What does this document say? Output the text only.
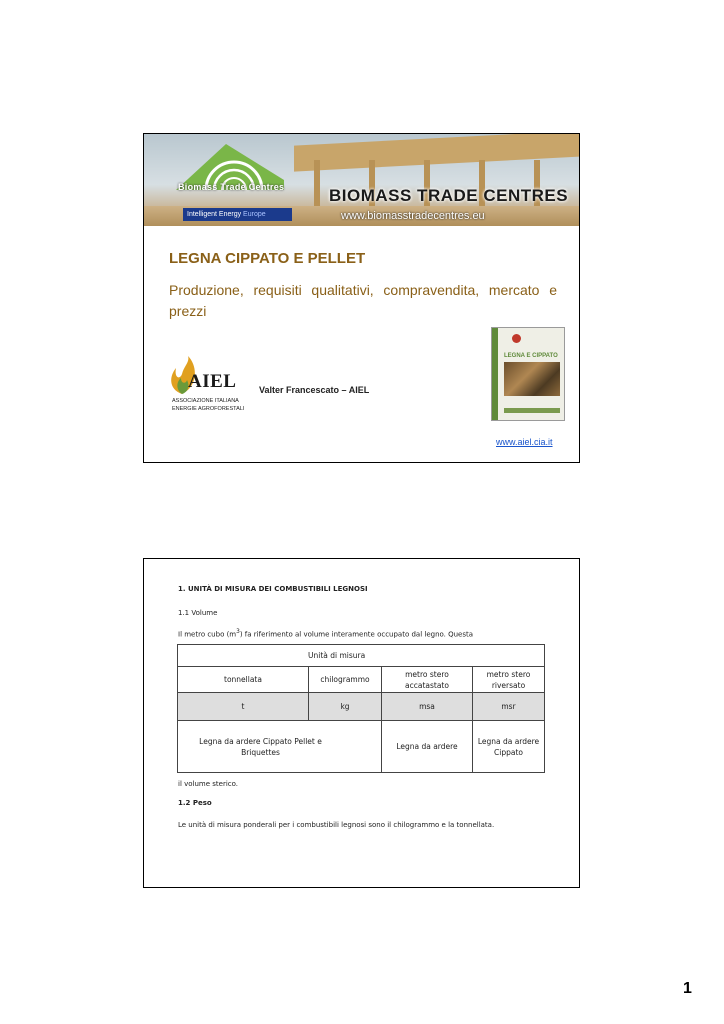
Biomass Trade Centres
Intelligent Energy Europe
BIOMASS TRADE CENTRES
www.biomasstradecentres.eu
LEGNA CIPPATO E PELLET
Produzione, requisiti qualitativi, compravendita, mercato e prezzi
AIEL
ASSOCIAZIONE ITALIANA
ENERGIE AGROFORESTALI
Valter Francescato – AIEL
LEGNA E CIPPATO
www.aiel.cia.it
1. UNITÀ DI MISURA DEI COMBUSTIBILI LEGNOSI
1.1 Volume
Il metro cubo $(m^3)$ fa riferimento al volume interamente occupato dal legno. Questa
Unità di misura			
tonnellata	chilogrammo	metro stero accatastato	metro stero riversato
t	kg	msa	msr
Legna da ardere Cippato Pellet e Briquettes		Legna da ardere	Legna da ardere Cippato
il volume sterico.
1.2 Peso
Le unità di misura ponderali per i combustibili legnosi sono il chilogrammo e la tonnellata.
1
